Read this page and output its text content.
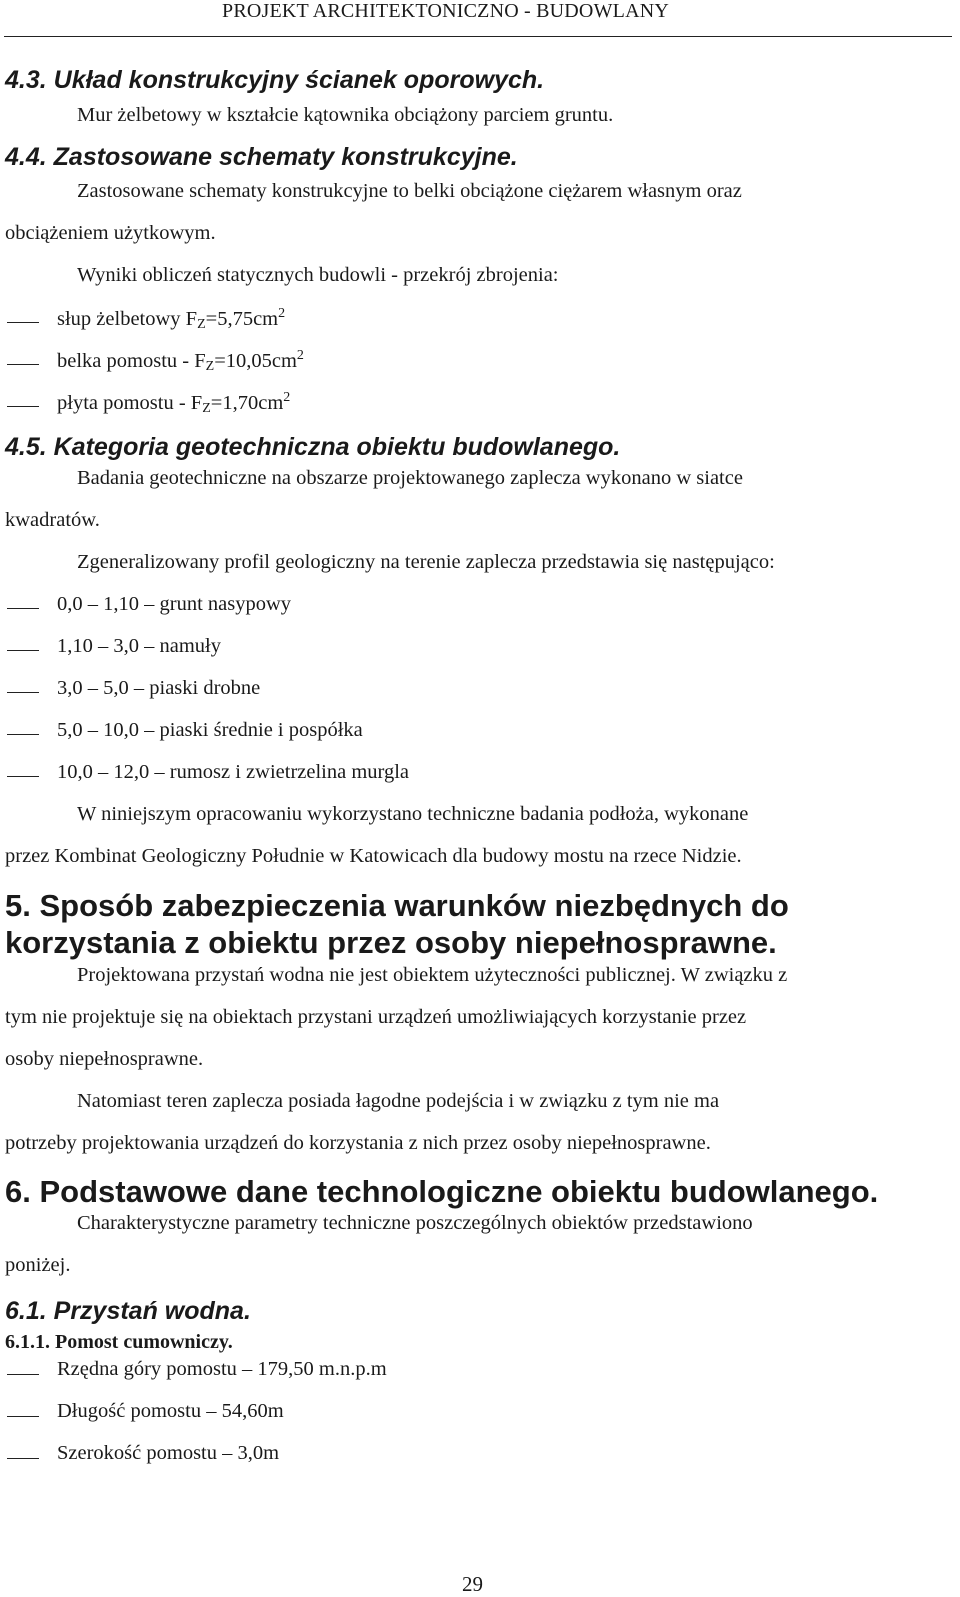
PROJEKT ARCHITEKTONICZNO - BUDOWLANY
4.3. Układ konstrukcyjny ścianek oporowych.
Mur żelbetowy w kształcie kątownika obciążony parciem gruntu.
4.4. Zastosowane schematy konstrukcyjne.
Zastosowane schematy konstrukcyjne to belki obciążone ciężarem własnym oraz
obciążeniem użytkowym.
Wyniki obliczeń statycznych budowli - przekrój zbrojenia:
słup żelbetowy $F_Z=5,75cm^2$
belka pomostu - $F_Z=10,05cm^2$
płyta pomostu - $F_Z=1,70cm^2$
4.5. Kategoria geotechniczna obiektu budowlanego.
Badania geotechniczne na obszarze projektowanego zaplecza wykonano w siatce
kwadratów.
Zgeneralizowany profil geologiczny na terenie zaplecza przedstawia się następująco:
0,0 – 1,10 – grunt nasypowy
1,10 – 3,0 – namuły
3,0 – 5,0 – piaski drobne
5,0 – 10,0 – piaski średnie i pospółka
10,0 – 12,0 – rumosz i zwietrzelina murgla
W niniejszym opracowaniu wykorzystano techniczne badania podłoża, wykonane
przez Kombinat Geologiczny Południe w Katowicach dla budowy mostu na rzece Nidzie.
5. Sposób zabezpieczenia warunków niezbędnych do
korzystania z obiektu przez osoby niepełnosprawne.
Projektowana przystań wodna nie jest obiektem użyteczności publicznej. W związku z
tym nie projektuje się na obiektach przystani urządzeń umożliwiających korzystanie przez
osoby niepełnosprawne.
Natomiast teren zaplecza posiada łagodne podejścia i w związku z tym nie ma
potrzeby projektowania urządzeń do korzystania z nich przez osoby niepełnosprawne.
6. Podstawowe dane technologiczne obiektu budowlanego.
Charakterystyczne parametry techniczne poszczególnych obiektów przedstawiono
poniżej.
6.1. Przystań wodna.
6.1.1. Pomost cumowniczy.
Rzędna góry pomostu – 179,50 m.n.p.m
Długość pomostu – 54,60m
Szerokość pomostu – 3,0m
29
